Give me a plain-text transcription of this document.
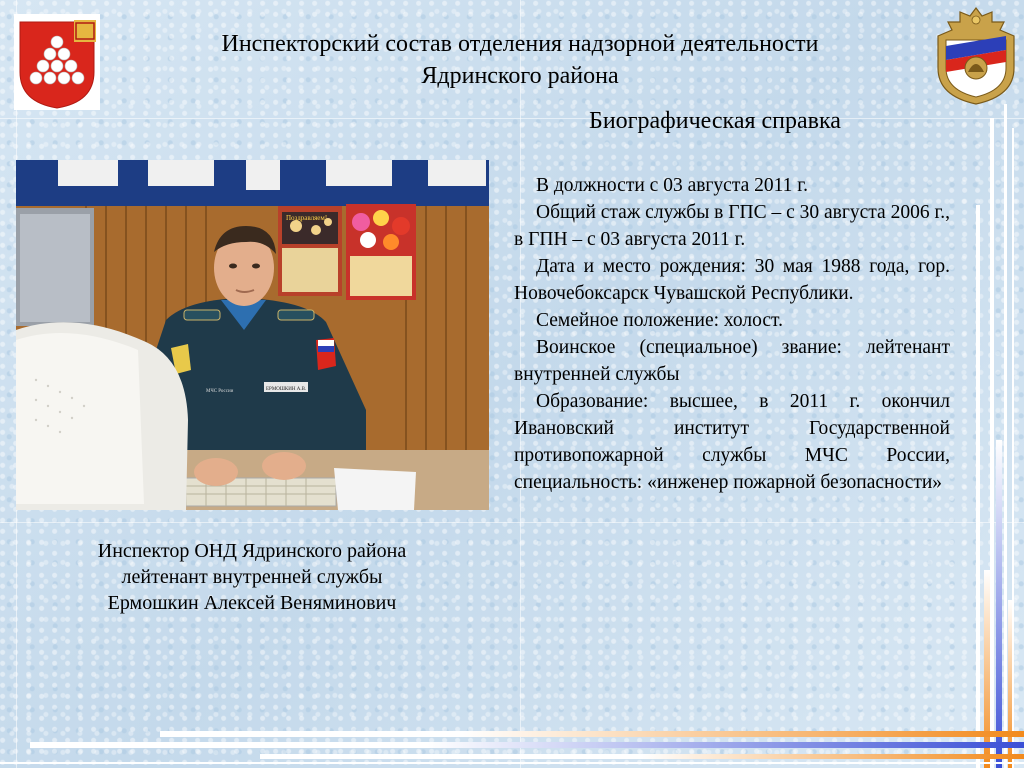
Инспекторский состав отделения надзорной деятельности
Ядринского района
Биографическая справка
Поздравляем!
ЕРМОШКИН А.В.
МЧС России
Инспектор ОНД Ядринского района
лейтенант внутренней службы
Ермошкин Алексей Веняминович

В должности с 03 августа 2011 г.

Общий стаж службы в ГПС – с 30 августа 2006 г., в ГПН – с 03 августа 2011 г.

Дата и место рождения: 30 мая 1988 года, гор. Новочебоксарск Чувашской Республики.

Семейное положение: холост.

Воинское (специальное) звание: лейтенант внутренней службы

Образование: высшее, в 2011 г. окончил Ивановский институт Государственной противопожарной службы МЧС России, специальность: «инженер пожарной безопасности»
